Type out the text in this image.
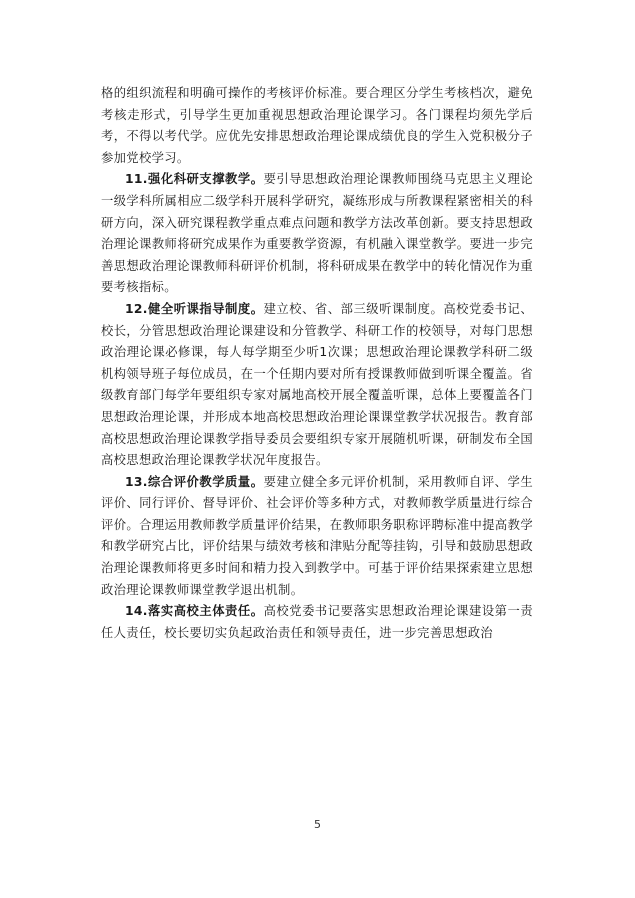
格的组织流程和明确可操作的考核评价标准。要合理区分学生考核档次，避免考核走形式，引导学生更加重视思想政治理论课学习。各门课程均须先学后考，不得以考代学。应优先安排思想政治理论课成绩优良的学生入党积极分子参加党校学习。

11.强化科研支撑教学。要引导思想政治理论课教师围绕马克思主义理论一级学科所属相应二级学科开展科学研究，凝练形成与所教课程紧密相关的科研方向，深入研究课程教学重点难点问题和教学方法改革创新。要支持思想政治理论课教师将研究成果作为重要教学资源，有机融入课堂教学。要进一步完善思想政治理论课教师科研评价机制，将科研成果在教学中的转化情况作为重要考核指标。

12.健全听课指导制度。建立校、省、部三级听课制度。高校党委书记、校长，分管思想政治理论课建设和分管教学、科研工作的校领导，对每门思想政治理论课必修课，每人每学期至少听1次课；思想政治理论课教学科研二级机构领导班子每位成员，在一个任期内要对所有授课教师做到听课全覆盖。省级教育部门每学年要组织专家对属地高校开展全覆盖听课，总体上要覆盖各门思想政治理论课，并形成本地高校思想政治理论课课堂教学状况报告。教育部高校思想政治理论课教学指导委员会要组织专家开展随机听课，研制发布全国高校思想政治理论课教学状况年度报告。

13.综合评价教学质量。要建立健全多元评价机制，采用教师自评、学生评价、同行评价、督导评价、社会评价等多种方式，对教师教学质量进行综合评价。合理运用教师教学质量评价结果，在教师职务职称评聘标准中提高教学和教学研究占比，评价结果与绩效考核和津贴分配等挂钩，引导和鼓励思想政治理论课教师将更多时间和精力投入到教学中。可基于评价结果探索建立思想政治理论课教师课堂教学退出机制。

14.落实高校主体责任。高校党委书记要落实思想政治理论课建设第一责任人责任，校长要切实负起政治责任和领导责任，进一步完善思想政治

5
